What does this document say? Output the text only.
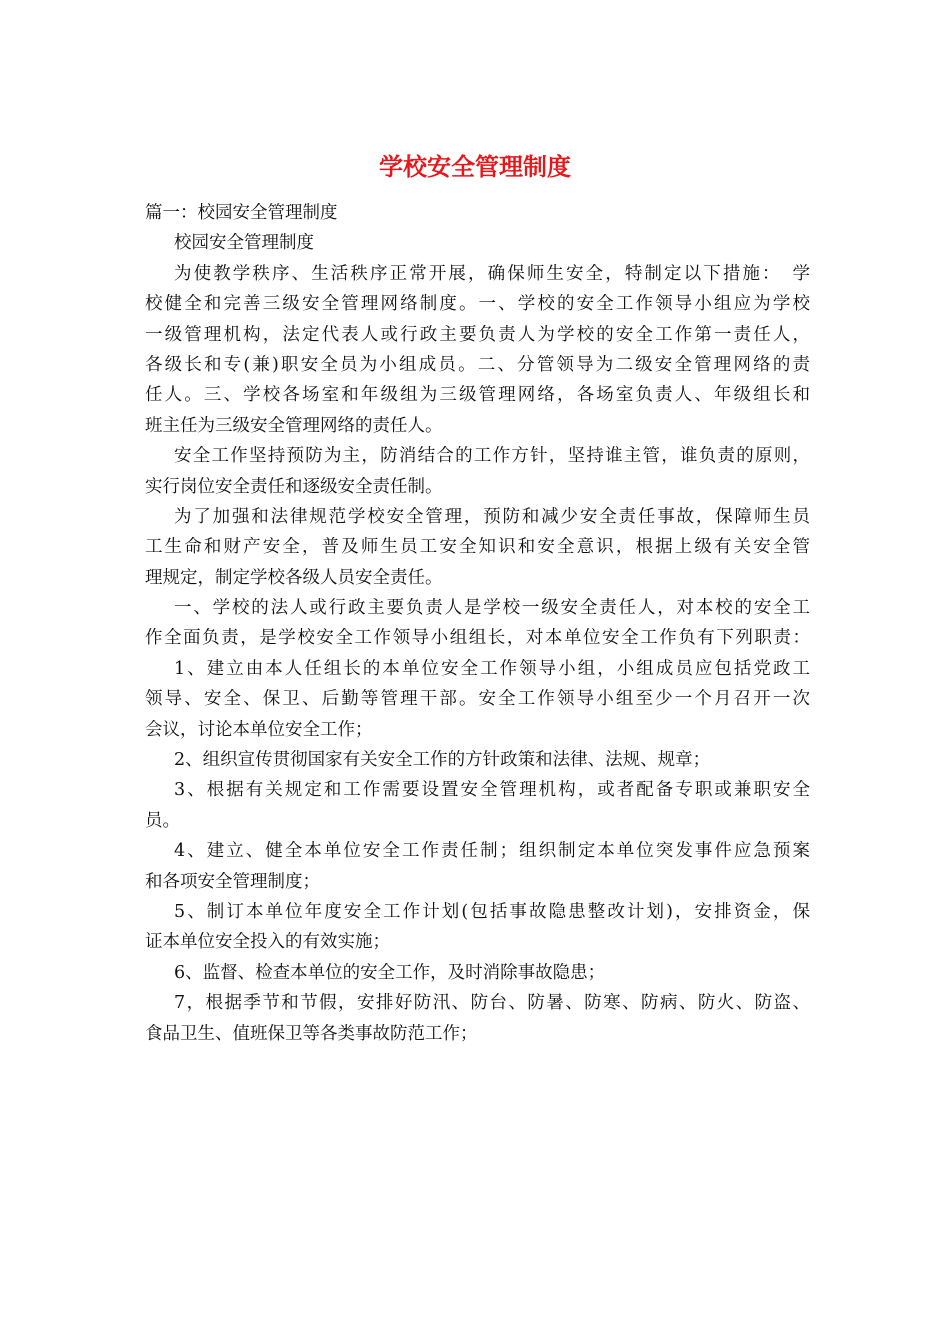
学校安全管理制度
篇一：校园安全管理制度
校园安全管理制度
为使教学秩序、生活秩序正常开展，确保师生安全，特制定以下措施：　学
校健全和完善三级安全管理网络制度。一、学校的安全工作领导小组应为学校
一级管理机构，法定代表人或行政主要负责人为学校的安全工作第一责任人，
各级长和专(兼)职安全员为小组成员。二、分管领导为二级安全管理网络的责
任人。三、学校各场室和年级组为三级管理网络，各场室负责人、年级组长和
班主任为三级安全管理网络的责任人。
安全工作坚持预防为主，防消结合的工作方针，坚持谁主管，谁负责的原则，
实行岗位安全责任和逐级安全责任制。
为了加强和法律规范学校安全管理，预防和减少安全责任事故，保障师生员
工生命和财产安全，普及师生员工安全知识和安全意识，根据上级有关安全管
理规定，制定学校各级人员安全责任。
一、学校的法人或行政主要负责人是学校一级安全责任人，对本校的安全工
作全面负责，是学校安全工作领导小组组长，对本单位安全工作负有下列职责：
1、建立由本人任组长的本单位安全工作领导小组，小组成员应包括党政工
领导、安全、保卫、后勤等管理干部。安全工作领导小组至少一个月召开一次
会议，讨论本单位安全工作；
2、组织宣传贯彻国家有关安全工作的方针政策和法律、法规、规章；
3、根据有关规定和工作需要设置安全管理机构，或者配备专职或兼职安全
员。
4、建立、健全本单位安全工作责任制；组织制定本单位突发事件应急预案
和各项安全管理制度；
5、制订本单位年度安全工作计划(包括事故隐患整改计划)，安排资金，保
证本单位安全投入的有效实施；
6、监督、检查本单位的安全工作，及时消除事故隐患；
7，根据季节和节假，安排好防汛、防台、防暑、防寒、防病、防火、防盗、
食品卫生、值班保卫等各类事故防范工作；
